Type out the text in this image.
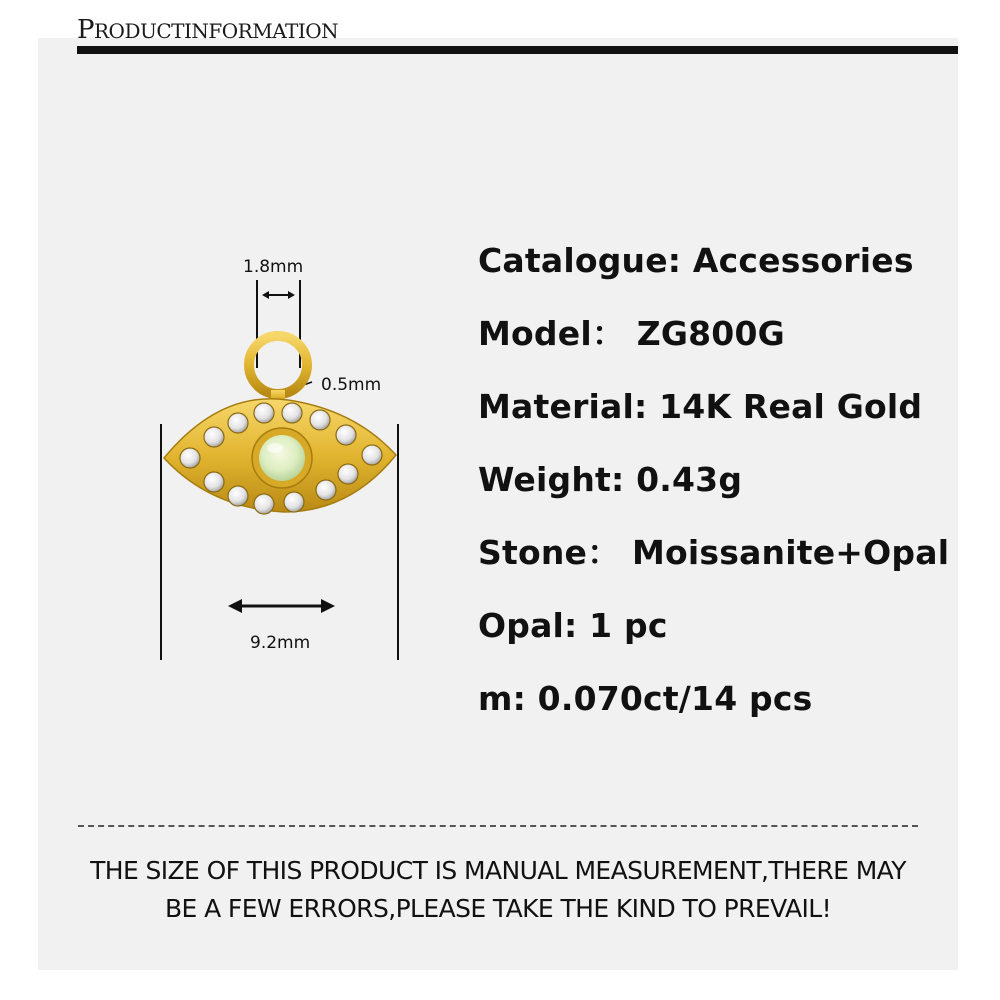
PRODUCTINFORMATION
1.8mm
0.5mm
9.2mm
Catalogue: Accessories
Model： ZG800G
Material: 14K Real Gold
Weight: 0.43g
Stone： Moissanite+Opal
Opal: 1 pc
m: 0.070ct/14 pcs

THE SIZE OF THIS PRODUCT IS MANUAL MEASUREMENT,THERE MAY
BE A FEW ERRORS,PLEASE TAKE THE KIND TO PREVAIL!
